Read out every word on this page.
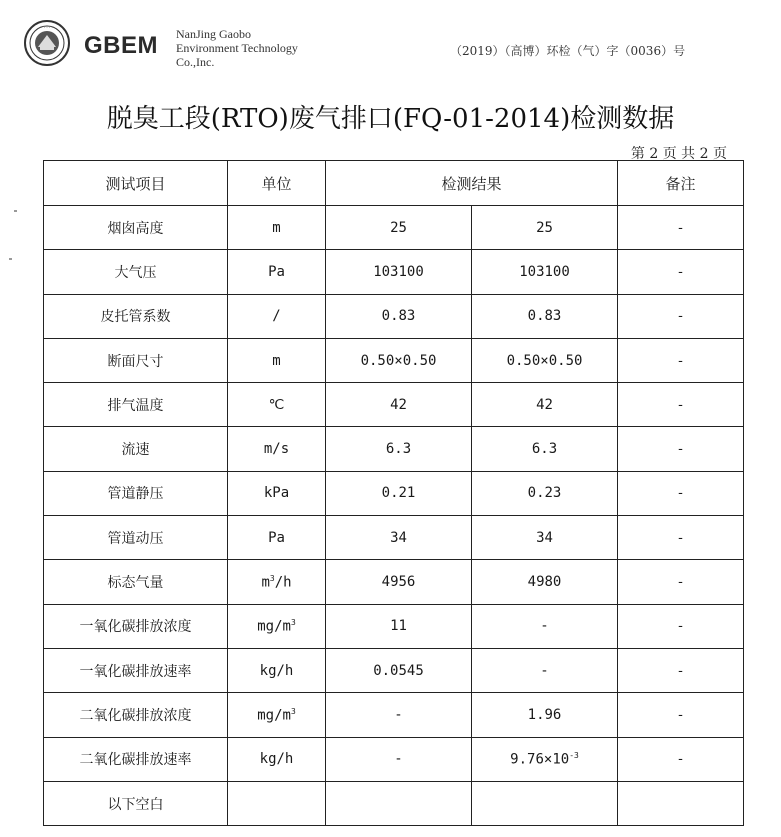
· · · · ·
GBEM NanJing Gaobo
Environment Technology
Co.,Inc.
（2019）（高博）环检（气）字（0036）号
脱臭工段(RTO)废气排口(FQ-01-2014)检测数据
第 2 页 共 2 页
测试项目	单位	检测结果		备注
烟囱高度	m	25	25	-
大气压	Pa	103100	103100	-
皮托管系数	/	0.83	0.83	-
断面尺寸	m	0.50×0.50	0.50×0.50	-
排气温度	℃	42	42	-
流速	m/s	6.3	6.3	-
管道静压	kPa	0.21	0.23	-
管道动压	Pa	34	34	-
标态气量	$m^3/h$	4956	4980	-
一氧化碳排放浓度	$mg/m^3$	11	-	-
一氧化碳排放速率	kg/h	0.0545	-	-
二氧化碳排放浓度	$mg/m^3$	-	1.96	-
二氧化碳排放速率	kg/h	-	$9.76\times 10^{-3}$	-
以下空白				
